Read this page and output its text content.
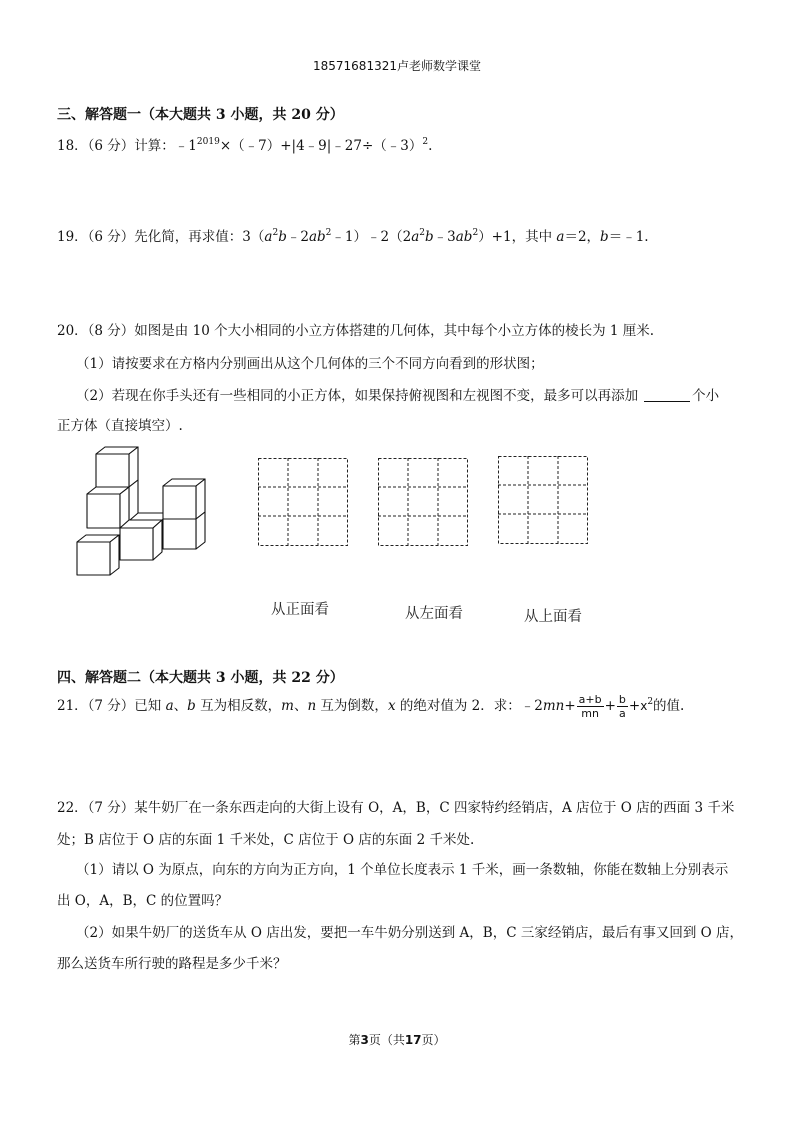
18571681321卢老师数学课堂
三、解答题一（本大题共 3 小题，共 20 分）
18．（6 分）计算：$﹣1^{2019}\times(﹣7)+|4﹣9|﹣27\div(﹣3)^2$.
19．（6 分）先化简，再求值：$3(a^2b﹣2ab^2﹣1)﹣2(2a^2b﹣3ab^2)+1$，其中 a＝2，b＝﹣1.
20．（8 分）如图是由 10 个大小相同的小立方体搭建的几何体，其中每个小立方体的棱长为 1 厘米.
（1）请按要求在方格内分别画出从这个几何体的三个不同方向看到的形状图；
（2）若现在你手头还有一些相同的小正方体，如果保持俯视图和左视图不变，最多可以再添加	个小
正方体（直接填空）.
从正面看	从左面看	从上面看
四、解答题二（本大题共 3 小题，共 22 分）
21．（7 分）已知 a、b 互为相反数，m、n 互为倒数，x 的绝对值为 2．求：﹣2mn+ $\frac{a+b}{mn} + \frac{b}{a} +x^2$的值.
22．（7 分）某牛奶厂在一条东西走向的大街上设有 O，A，B，C 四家特约经销店，A 店位于 O 店的西面 3 千米
处；B 店位于 O 店的东面 1 千米处，C 店位于 O 店的东面 2 千米处.
（1）请以 O 为原点，向东的方向为正方向，1 个单位长度表示 1 千米，画一条数轴，你能在数轴上分别表示
出 O，A，B，C 的位置吗？
（2）如果牛奶厂的送货车从 O 店出发，要把一车牛奶分别送到 A，B，C 三家经销店，最后有事又回到 O 店，
那么送货车所行驶的路程是多少千米？
第3页（共17页）
